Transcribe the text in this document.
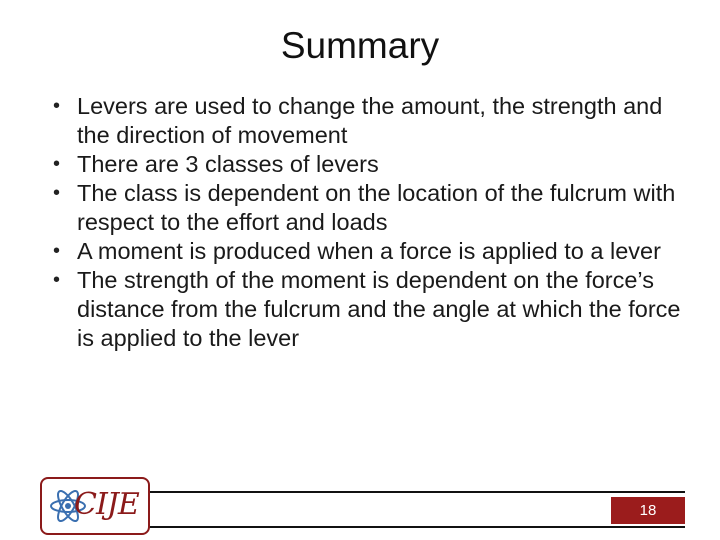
Summary
• Levers are used to change the amount, the strength and the direction of movement
• There are 3 classes of levers
• The class is dependent on the location of the fulcrum with respect to the effort and loads
• A moment is produced when a force is applied to a lever
• The strength of the moment is dependent on the force’s distance from the fulcrum and the angle at which the force is applied to the lever
CIJE	18
